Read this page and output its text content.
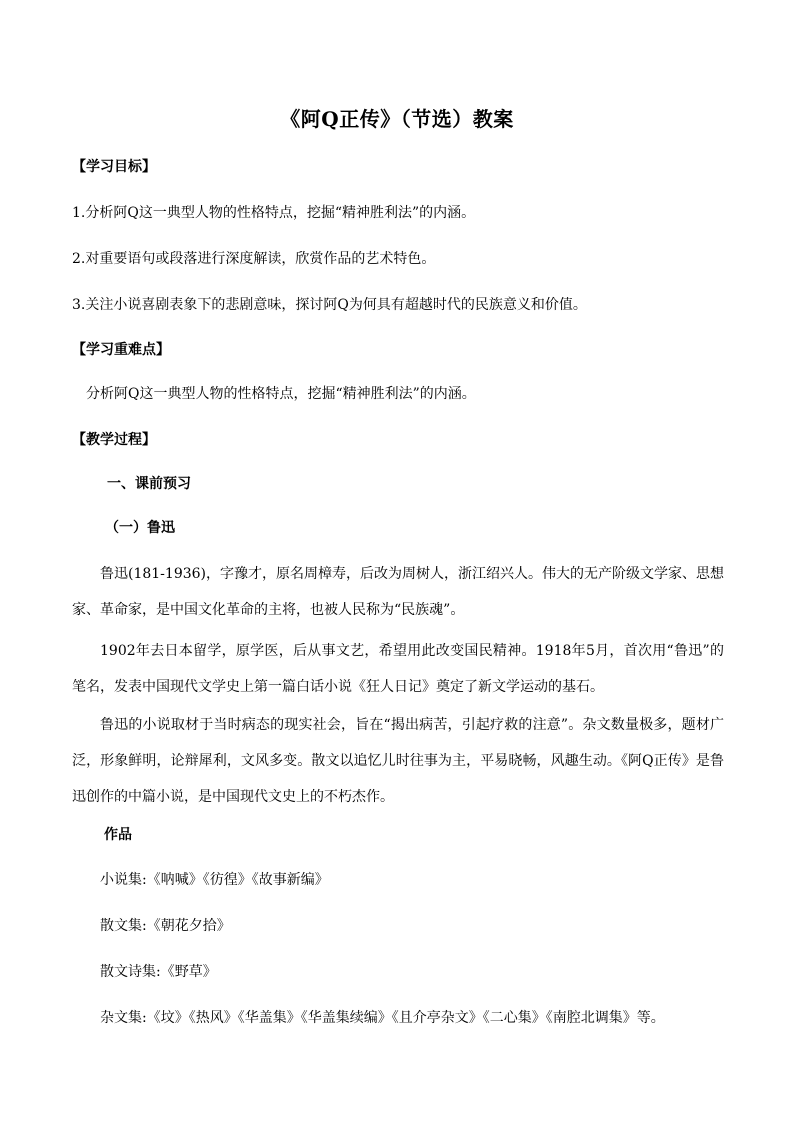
《阿Q正传》（节选）教案
【学习目标】
1.分析阿Q这一典型人物的性格特点，挖掘“精神胜利法”的内涵。
2.对重要语句或段落进行深度解读，欣赏作品的艺术特色。
3.关注小说喜剧表象下的悲剧意味，探讨阿Q为何具有超越时代的民族意义和价值。
【学习重难点】
分析阿Q这一典型人物的性格特点，挖掘“精神胜利法”的内涵。
【教学过程】
一、课前预习
（一）鲁迅
鲁迅(181-1936)，字豫才，原名周樟寿，后改为周树人，浙江绍兴人。伟大的无产阶级文学家、思想家、革命家，是中国文化革命的主将，也被人民称为“民族魂”。
1902年去日本留学，原学医，后从事文艺，希望用此改变国民精神。1918年5月，首次用“鲁迅”的笔名，发表中国现代文学史上第一篇白话小说《狂人日记》奠定了新文学运动的基石。
鲁迅的小说取材于当时病态的现实社会，旨在“揭出病苦，引起疗救的注意”。杂文数量极多，题材广泛，形象鲜明，论辩犀利，文风多变。散文以追忆儿时往事为主，平易晓畅，风趣生动。《阿Q正传》是鲁迅创作的中篇小说，是中国现代文史上的不朽杰作。
作品
小说集:《呐喊》《彷徨》《故事新编》
散文集:《朝花夕拾》
散文诗集:《野草》
杂文集:《坟》《热风》《华盖集》《华盖集续编》《且介亭杂文》《二心集》《南腔北调集》等。
